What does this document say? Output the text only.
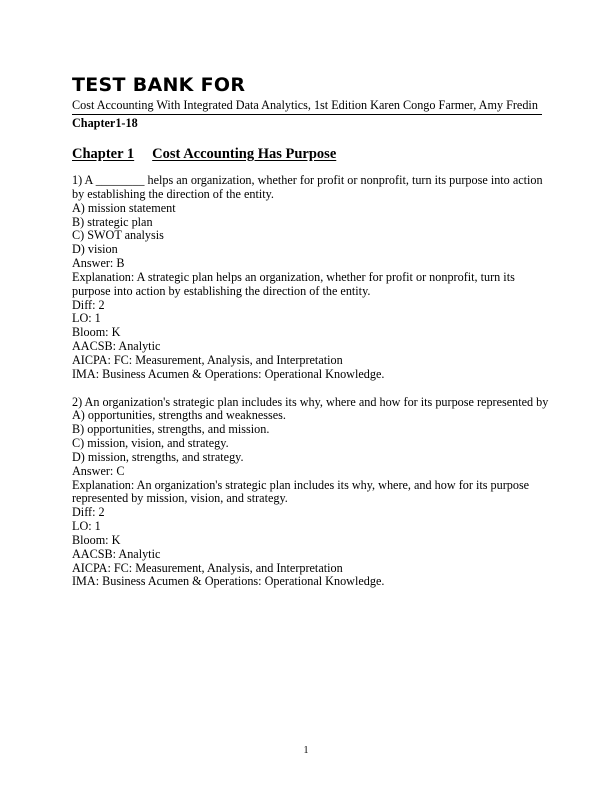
TEST BANK FOR
Cost Accounting With Integrated Data Analytics, 1st Edition Karen Congo Farmer, Amy Fredin
Chapter1-18
Chapter 1 Cost Accounting Has Purpose
1) A ________ helps an organization, whether for profit or nonprofit, turn its purpose into action
by establishing the direction of the entity.
A) mission statement
B) strategic plan
C) SWOT analysis
D) vision
Answer: B
Explanation: A strategic plan helps an organization, whether for profit or nonprofit, turn its
purpose into action by establishing the direction of the entity.
Diff: 2
LO: 1
Bloom: K
AACSB: Analytic
AICPA: FC: Measurement, Analysis, and Interpretation
IMA: Business Acumen & Operations: Operational Knowledge.
2) An organization's strategic plan includes its why, where and how for its purpose represented by
A) opportunities, strengths and weaknesses.
B) opportunities, strengths, and mission.
C) mission, vision, and strategy.
D) mission, strengths, and strategy.
Answer: C
Explanation: An organization's strategic plan includes its why, where, and how for its purpose
represented by mission, vision, and strategy.
Diff: 2
LO: 1
Bloom: K
AACSB: Analytic
AICPA: FC: Measurement, Analysis, and Interpretation
IMA: Business Acumen & Operations: Operational Knowledge.
1
